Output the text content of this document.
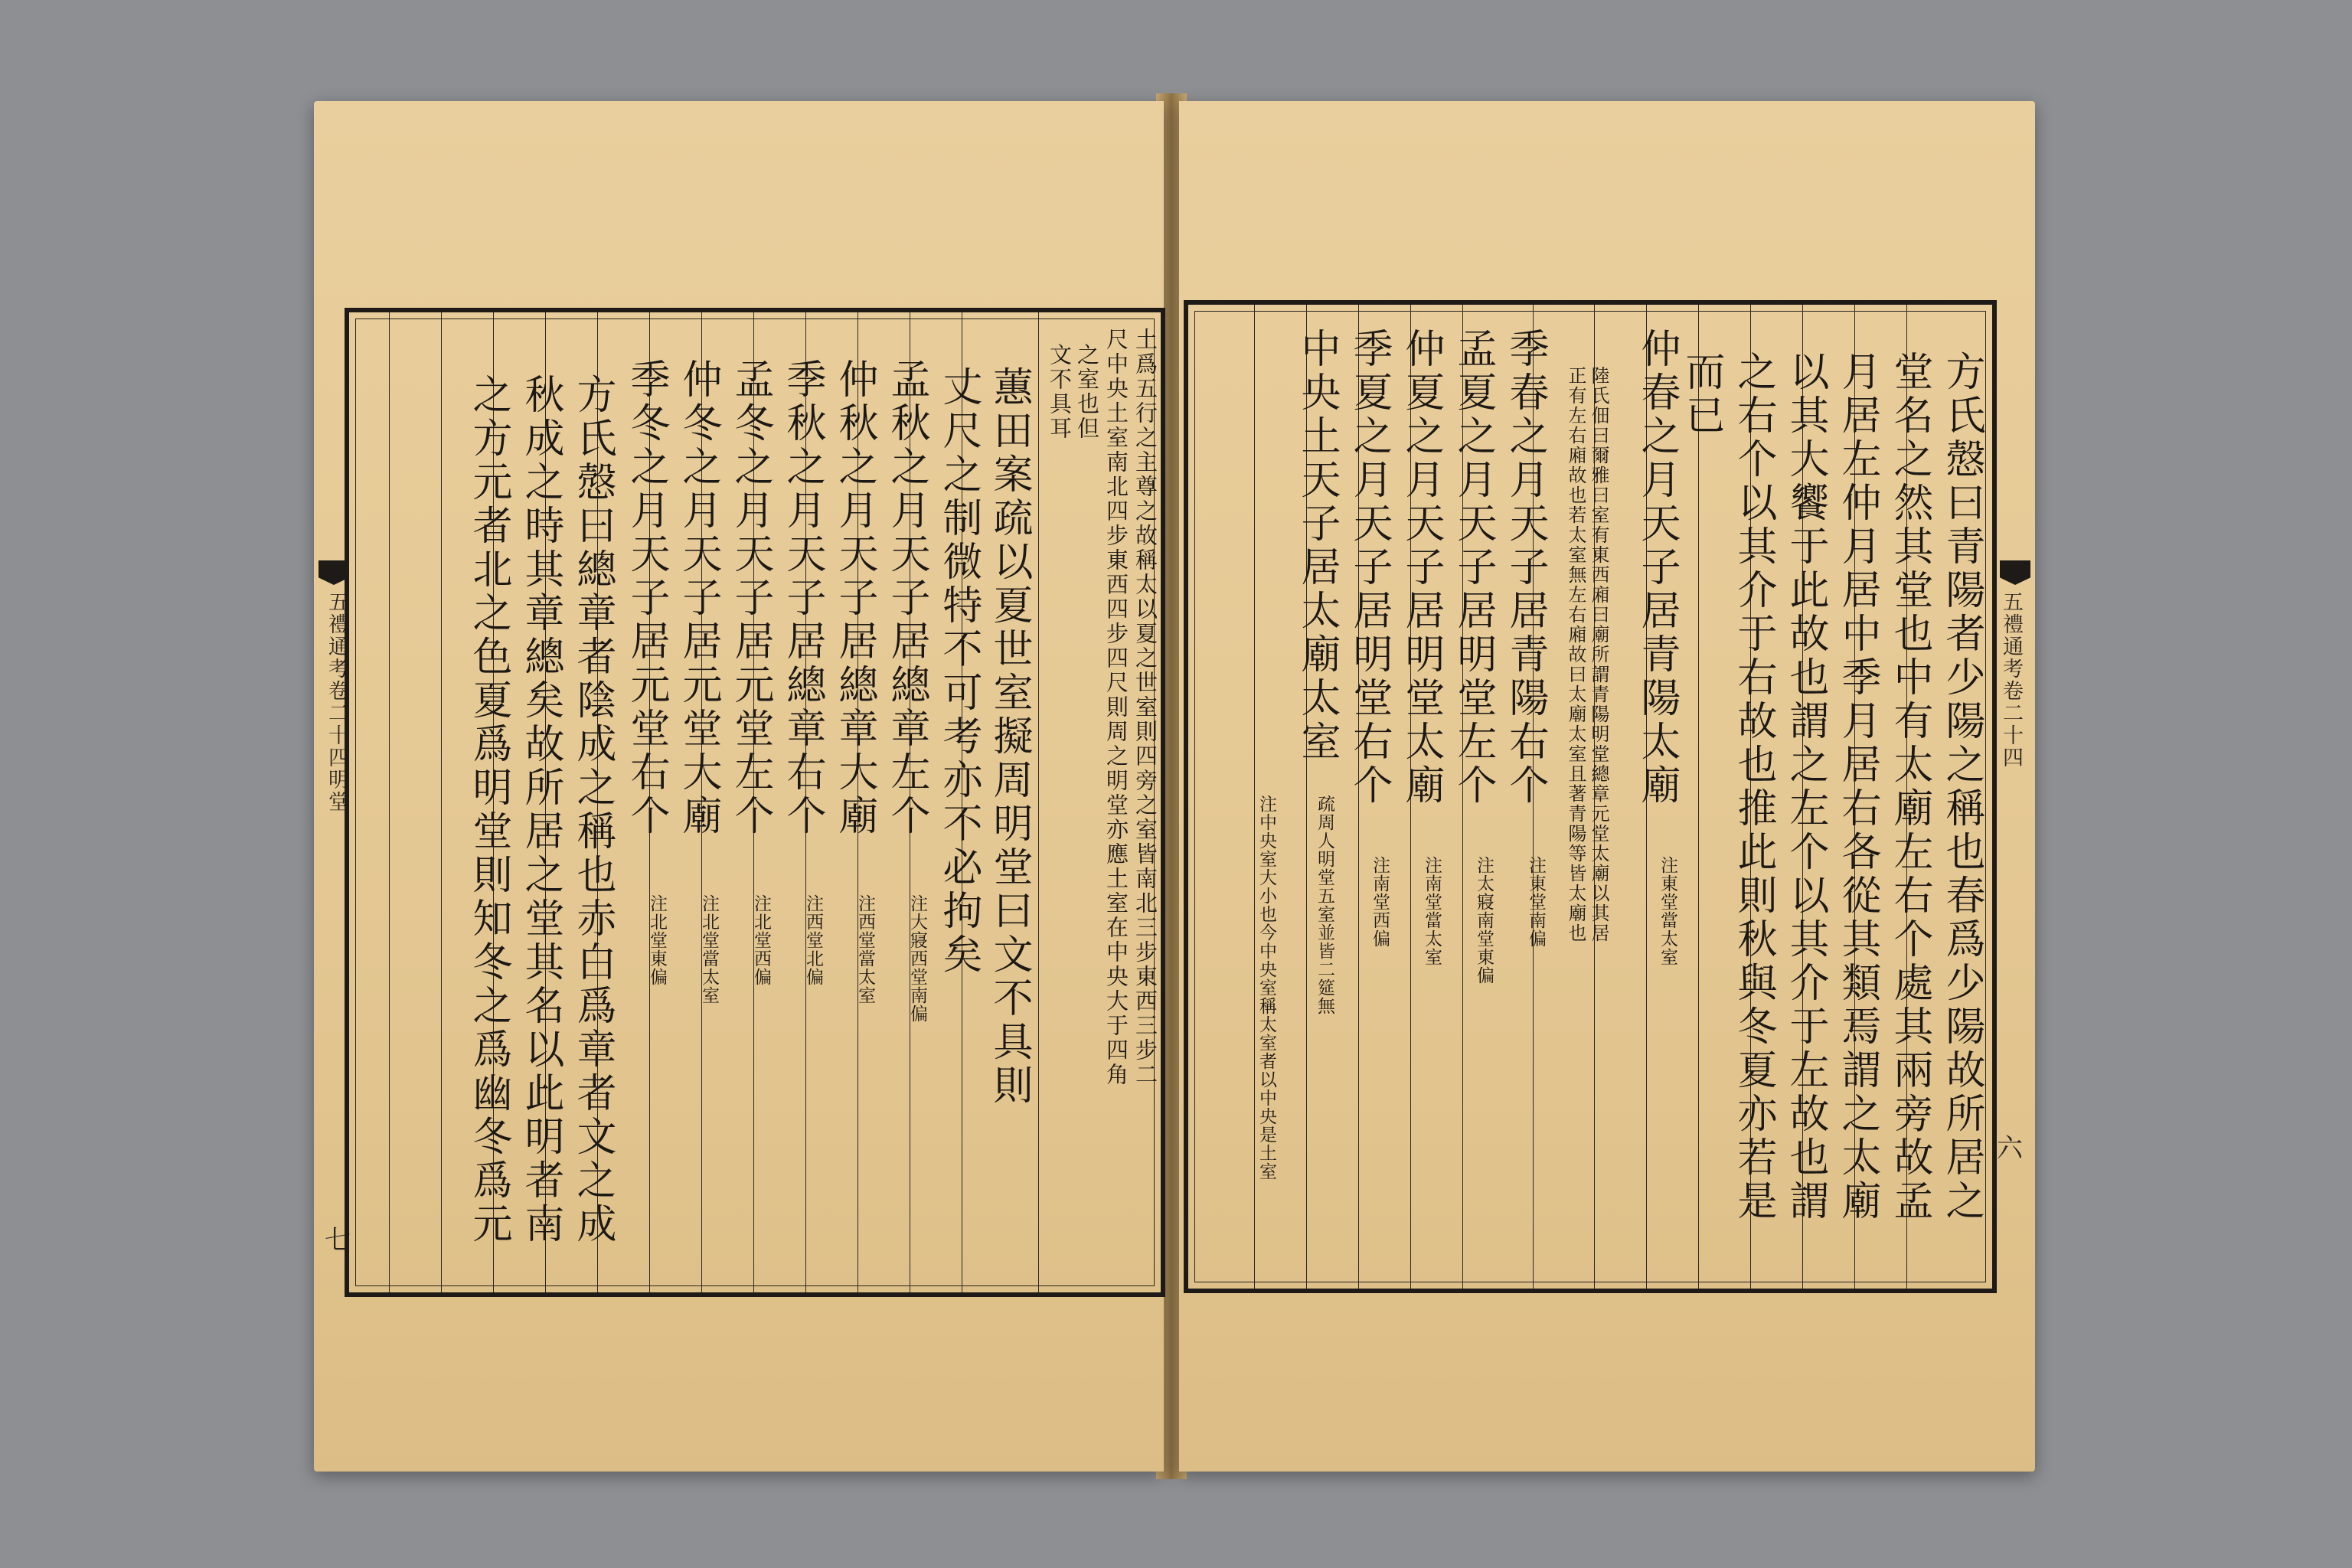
五禮通考卷二十四明堂
七
土爲五行之主尊之故稱太以夏之世室則四旁之室皆南北三步東西三步二
尺中央土室南北四步東西四步四尺則周之明堂亦應土室在中央大于四角
之室也但
文不具耳
蕙田案疏以夏世室擬周明堂曰文不具則
丈尺之制微特不可考亦不必拘矣
孟秋之月天子居總章左个
注大寢西堂南偏
仲秋之月天子居總章大廟
注西堂當太室
季秋之月天子居總章右个
注西堂北偏
孟冬之月天子居元堂左个
注北堂西偏
仲冬之月天子居元堂大廟
注北堂當太室
季冬之月天子居元堂右个
注北堂東偏
方氏慤曰總章者陰成之稱也赤白爲章者文之成
秋成之時其章總矣故所居之堂其名以此明者南
之方元者北之色夏爲明堂則知冬之爲幽冬爲元	五禮通考卷二十四
六
方氏慤曰青陽者少陽之稱也春爲少陽故所居之
堂名之然其堂也中有太廟左右个處其兩旁故孟
月居左仲月居中季月居右各從其類焉謂之太廟
以其大饗于此故也謂之左个以其介于左故也謂
之右个以其介于右故也推此則秋與冬夏亦若是
而已
仲春之月天子居青陽太廟
注東堂當太室
陸氏佃曰爾雅曰室有東西廂曰廟所謂青陽明堂總章元堂太廟以其居
正有左右廂故也若太室無左右廂故曰太廟太室且著青陽等皆太廟也
季春之月天子居青陽右个
注東堂南偏
孟夏之月天子居明堂左个
注太寢南堂東偏
仲夏之月天子居明堂太廟
注南堂當太室
季夏之月天子居明堂右个
注南堂西偏
中央土天子居太廟太室
注中央室大小也今中央室稱太室者以中央是土室 疏周人明堂五室並皆二筵無
